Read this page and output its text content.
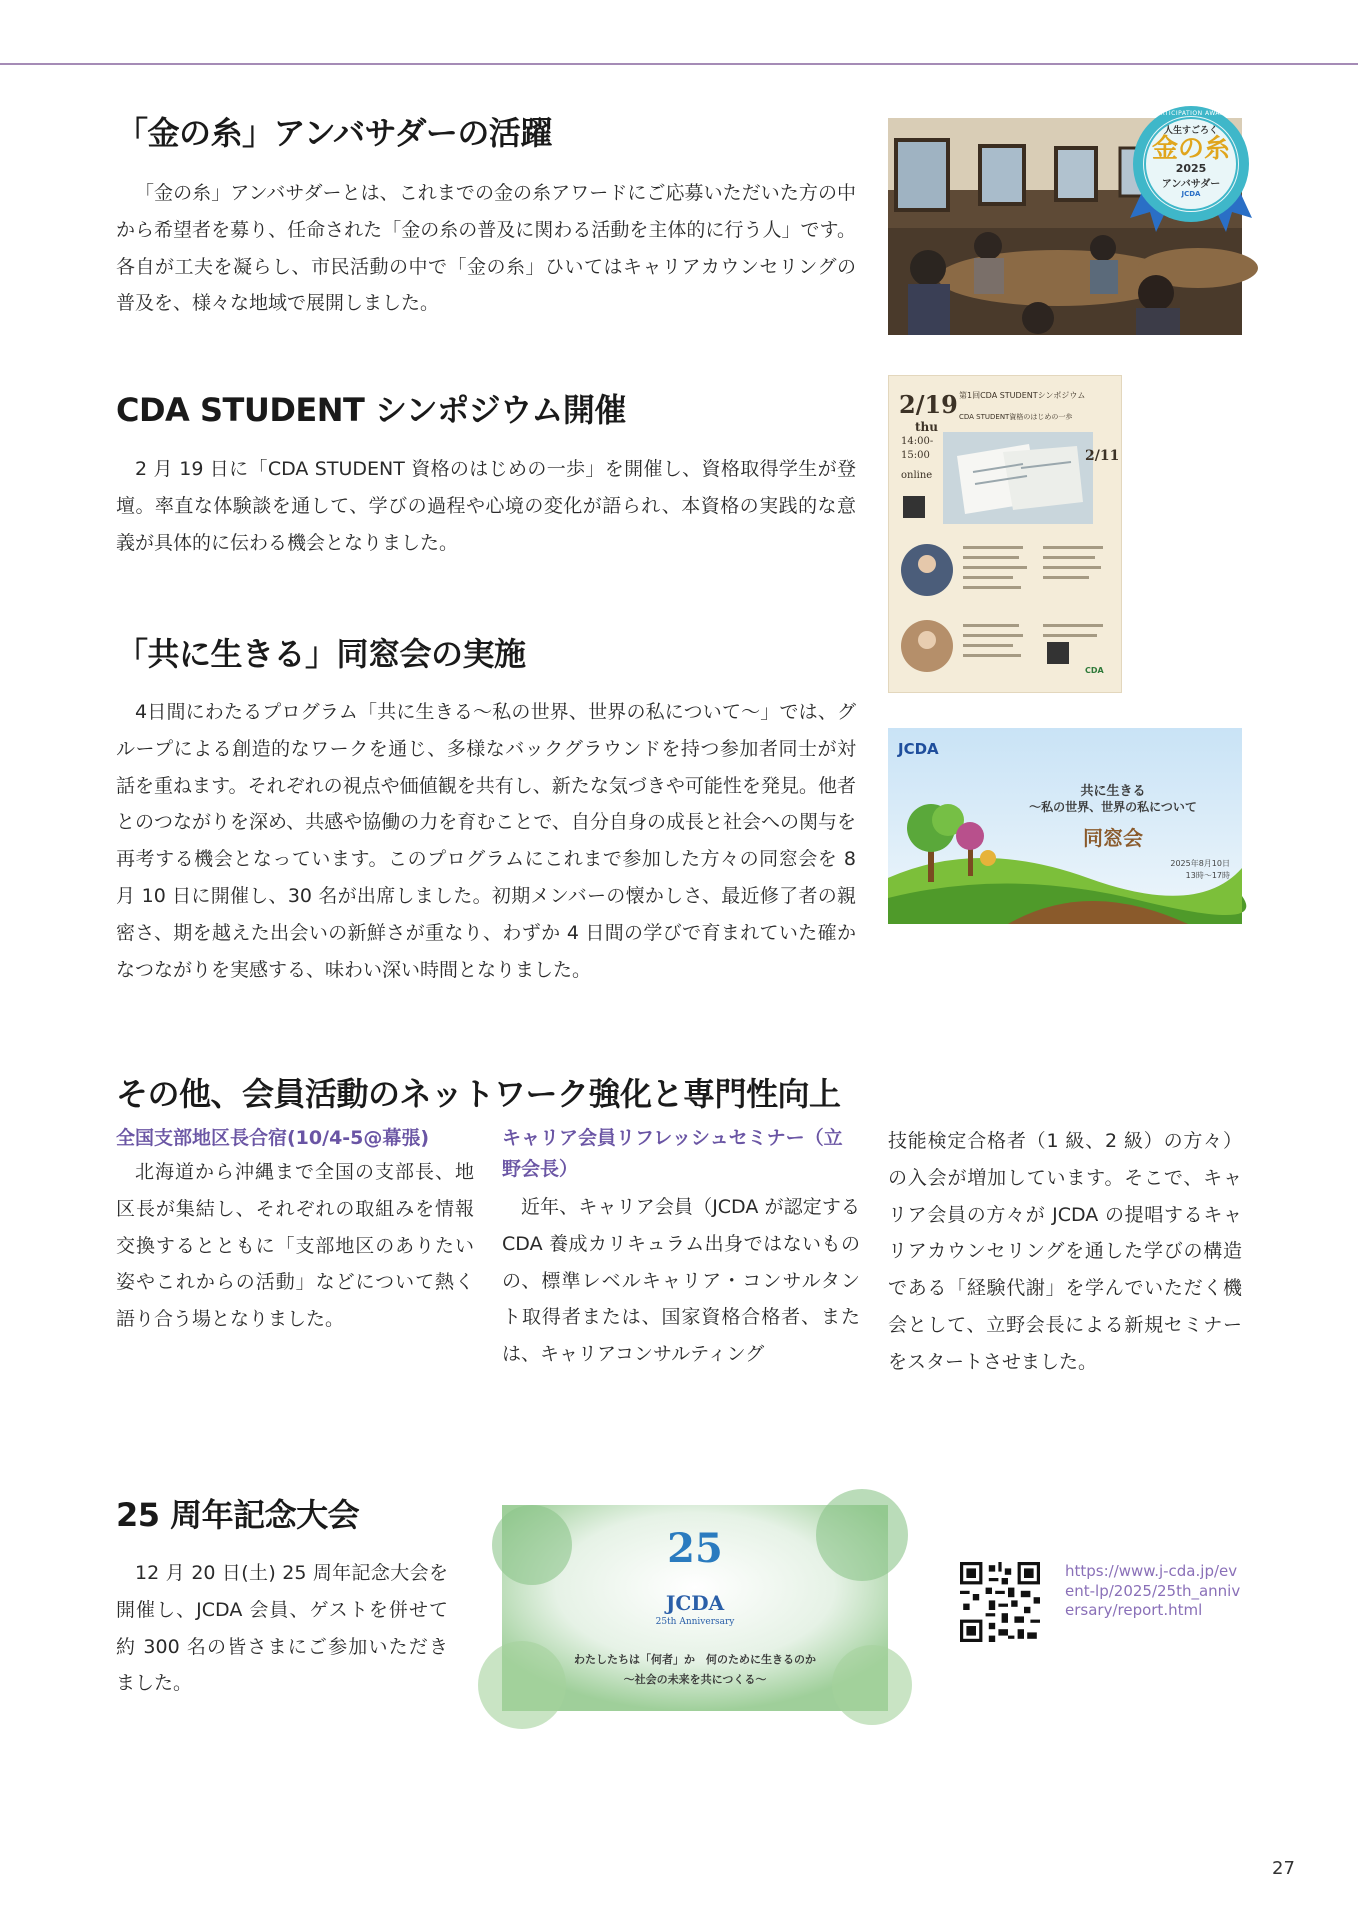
「金の糸」アンバサダーの活躍

「金の糸」アンバサダーとは、これまでの金の糸アワードにご応募いただいた方の中から希望者を募り、任命された「金の糸の普及に関わる活動を主体的に行う人」です。各自が工夫を凝らし、市民活動の中で「金の糸」ひいてはキャリアカウンセリングの普及を、様々な地域で展開しました。

PARTICIPATION AWARD
人生すごろく
金の糸
2025
アンバサダー
JCDA
CDA STUDENT シンポジウム開催

2 月 19 日に「CDA STUDENT 資格のはじめの一歩」を開催し、資格取得学生が登壇。率直な体験談を通して、学びの過程や心境の変化が語られ、本資格の実践的な意義が具体的に伝わる機会となりました。

2/19
thu
14:00-
15:00
online
第1回CDA STUDENTシンポジウム
CDA STUDENT資格のはじめの一歩
2/11
CDA
「共に生きる」同窓会の実施

4日間にわたるプログラム「共に生きる～私の世界、世界の私について～」では、グループによる創造的なワークを通じ、多様なバックグラウンドを持つ参加者同士が対話を重ねます。それぞれの視点や価値観を共有し、新たな気づきや可能性を発見。他者とのつながりを深め、共感や協働の力を育むことで、自分自身の成長と社会への関与を再考する機会となっています。このプログラムにこれまで参加した方々の同窓会を 8 月 10 日に開催し、30 名が出席しました。初期メンバーの懐かしさ、最近修了者の親密さ、期を越えた出会いの新鮮さが重なり、わずか 4 日間の学びで育まれていた確かなつながりを実感する、味わい深い時間となりました。

JCDA
共に生きる
～私の世界、世界の私について
同窓会
2025年8月10日
13時～17時
その他、会員活動のネットワーク強化と専門性向上

全国支部地区長合宿(10/4-5@幕張)

北海道から沖縄まで全国の支部長、地区長が集結し、それぞれの取組みを情報交換するとともに「支部地区のありたい姿やこれからの活動」などについて熱く語り合う場となりました。

キャリア会員リフレッシュセミナー（立野会長）

近年、キャリア会員（JCDA が認定する CDA 養成カリキュラム出身ではないものの、標準レベルキャリア・コンサルタント取得者または、国家資格合格者、または、キャリアコンサルティング

技能検定合格者（1 級、2 級）の方々）の入会が増加しています。そこで、キャリア会員の方々が JCDA の提唱するキャリアカウンセリングを通した学びの構造である「経験代謝」を学んでいただく機会として、立野会長による新規セミナーをスタートさせました。

25 周年記念大会

12 月 20 日(土) 25 周年記念大会を開催し、JCDA 会員、ゲストを併せて約 300 名の皆さまにご参加いただきました。

25
JCDA
25th Anniversary
わたしたちは「何者」か　何のために生きるのか
～社会の未来を共につくる～

https://www.j-cda.jp/event-lp/2025/25th_anniversary/report.html

27
